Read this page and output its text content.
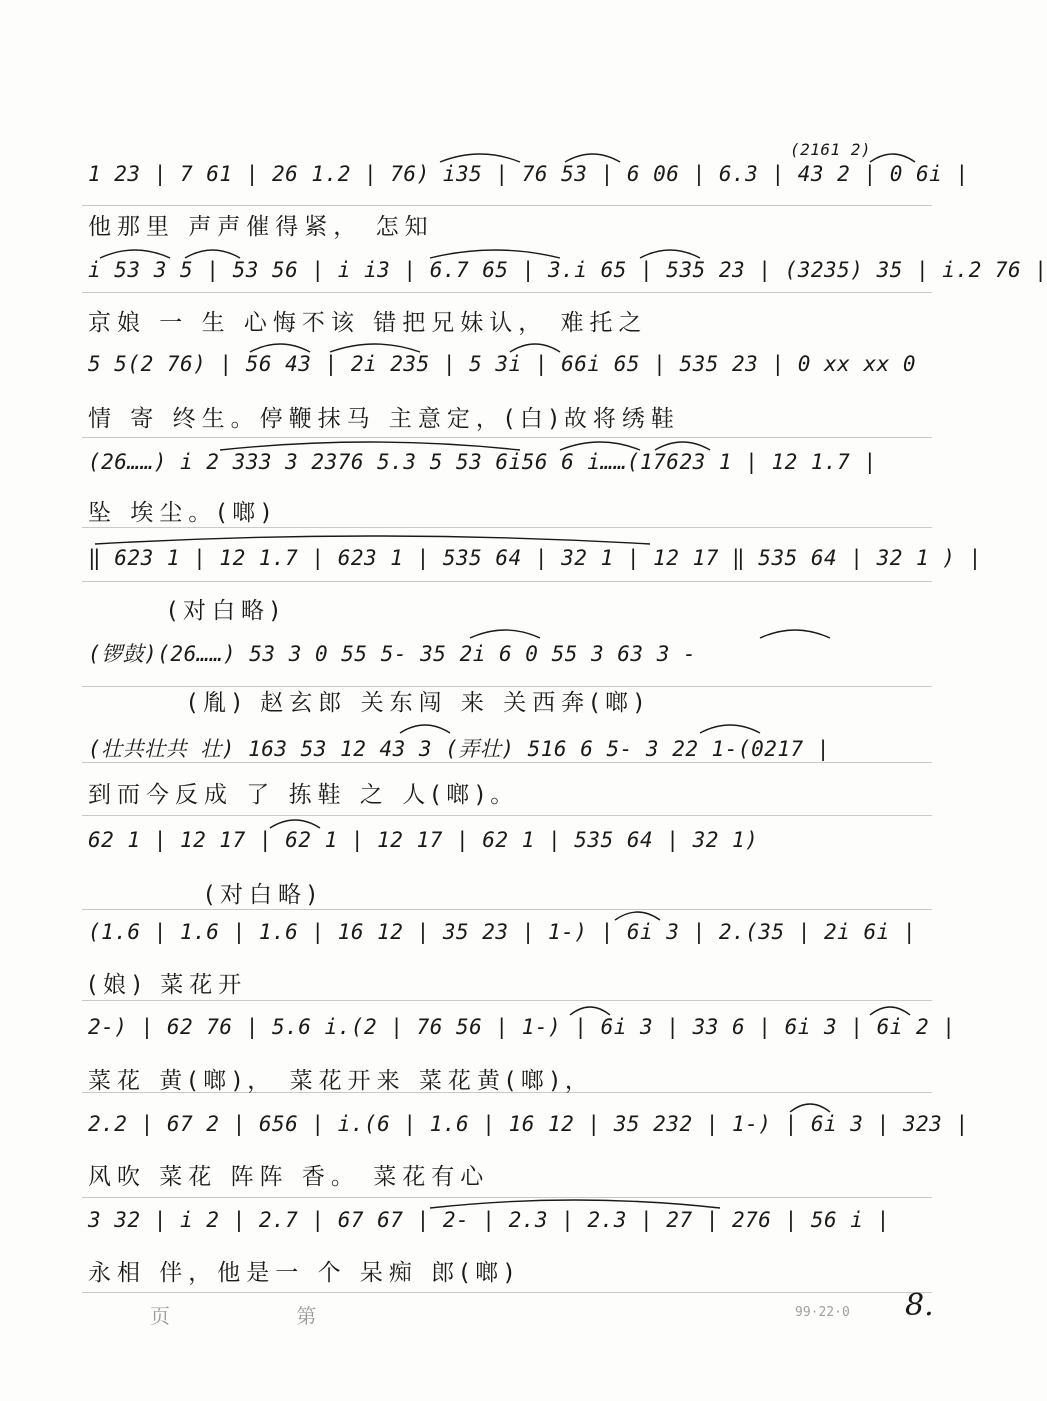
(2161 2)
1 23 | 7 61 | 26 1.2 | 76) i35 | 76 53 | 6 06 | 6.3 | 43 2 | 0 6i |
他那里 声声催得紧， 怎知
i 53 3 5 | 53 56 | i i3 | 6.7 65 | 3.i 65 | 535 23 | (3235) 35 | i.2 76 |
京娘 一 生 心悔不该 错把兄妹认， 难托之
5 5(2 76) | 56 43 | 2i 235 | 5 3i | 66i 65 | 535 23 | 0 xx xx 0
情 寄 终生。停鞭抹马 主意定，(白)故将绣鞋
(26……) i 2 333 3 2376 5.3 5 53 6i56 6 i……(17623 1 | 12 1.7 |
坠 埃尘。(啷)
‖ 623 1 | 12 1.7 | 623 1 | 535 64 | 32 1 | 12 17 ‖ 535 64 | 32 1 ) |
(对白略)
(锣鼓)(26……) 53 3 0 55 5- 35 2i 6 0 55 3 63 3 -
(胤) 赵玄郎 关东闯 来 关西奔(啷)
(壮共壮共 壮) 163 53 12 43 3 (弄壮) 516 6 5- 3 22 1-(0217 |
到而今反成 了 拣鞋 之 人(啷)。
62 1 | 12 17 | 62 1 | 12 17 | 62 1 | 535 64 | 32 1)
(对白略)
(1.6 | 1.6 | 1.6 | 16 12 | 35 23 | 1-) | 6i 3 | 2.(35 | 2i 6i |
(娘) 菜花开
2-) | 62 76 | 5.6 i.(2 | 76 56 | 1-) | 6i 3 | 33 6 | 6i 3 | 6i 2 |
菜花 黄(啷)， 菜花开来 菜花黄(啷)，
2.2 | 67 2 | 656 | i.(6 | 1.6 | 16 12 | 35 232 | 1-) | 6i 3 | 323 |
风吹 菜花 阵阵 香。 菜花有心
3 32 | i 2 | 2.7 | 67 67 | 2- | 2.3 | 2.3 | 27 | 276 | 56 i |
永相 伴，他是一 个 呆痴 郎(啷)
页 第	99·22·0 8.
